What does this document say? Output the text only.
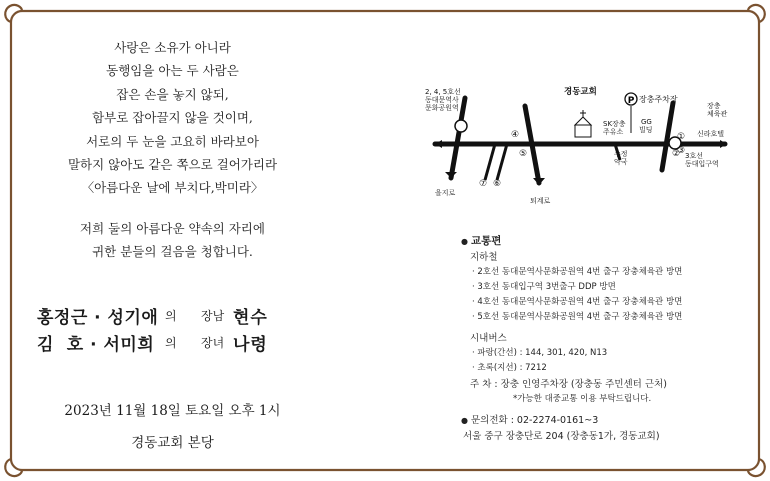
사랑은 소유가 아니라
동행임을 아는 두 사람은
잡은 손을 놓지 않되,
함부로 잡아끌지 않을 것이며,
서로의 두 눈을 고요히 바라보아
말하지 않아도 같은 쪽으로 걸어가리라
〈아름다운 날에 부치다,박미라〉
저희 둘의 아름다운 약속의 자리에
귀한 분들의 걸음을 청합니다.
홍정근 · 성기애 의 장남 현수
김  호 · 서미희 의 장녀 나령
2023년 11월 18일 토요일 오후 1시
경동교회 본당
P
2, 4, 5호선
동대문역사
문화공원역
경동교회
장충주차장
SK장충
주유소
GG
빌딩
장충
체육관
신라호텔
수정
약국
3호선
동대입구역
을지로
퇴계로
⑤
④
⑦ ⑥
①
②
③
● 교통편
지하철
· 2호선 동대문역사문화공원역 4번 출구 장충체육관 방면
· 3호선 동대입구역 3번출구 DDP 방면
· 4호선 동대문역사문화공원역 4번 출구 장충체육관 방면
· 5호선 동대문역사문화공원역 4번 출구 장충체육관 방면
시내버스
· 파랑(간선) : 144, 301, 420, N13
· 초록(지선) : 7212
주 차 : 장충 인영주차장 (장충동 주민센터 근처)
*가능한 대중교통 이용 부탁드립니다.
● 문의전화 : 02-2274-0161~3
서울 중구 장충단로 204 (장충동1가, 경동교회)
